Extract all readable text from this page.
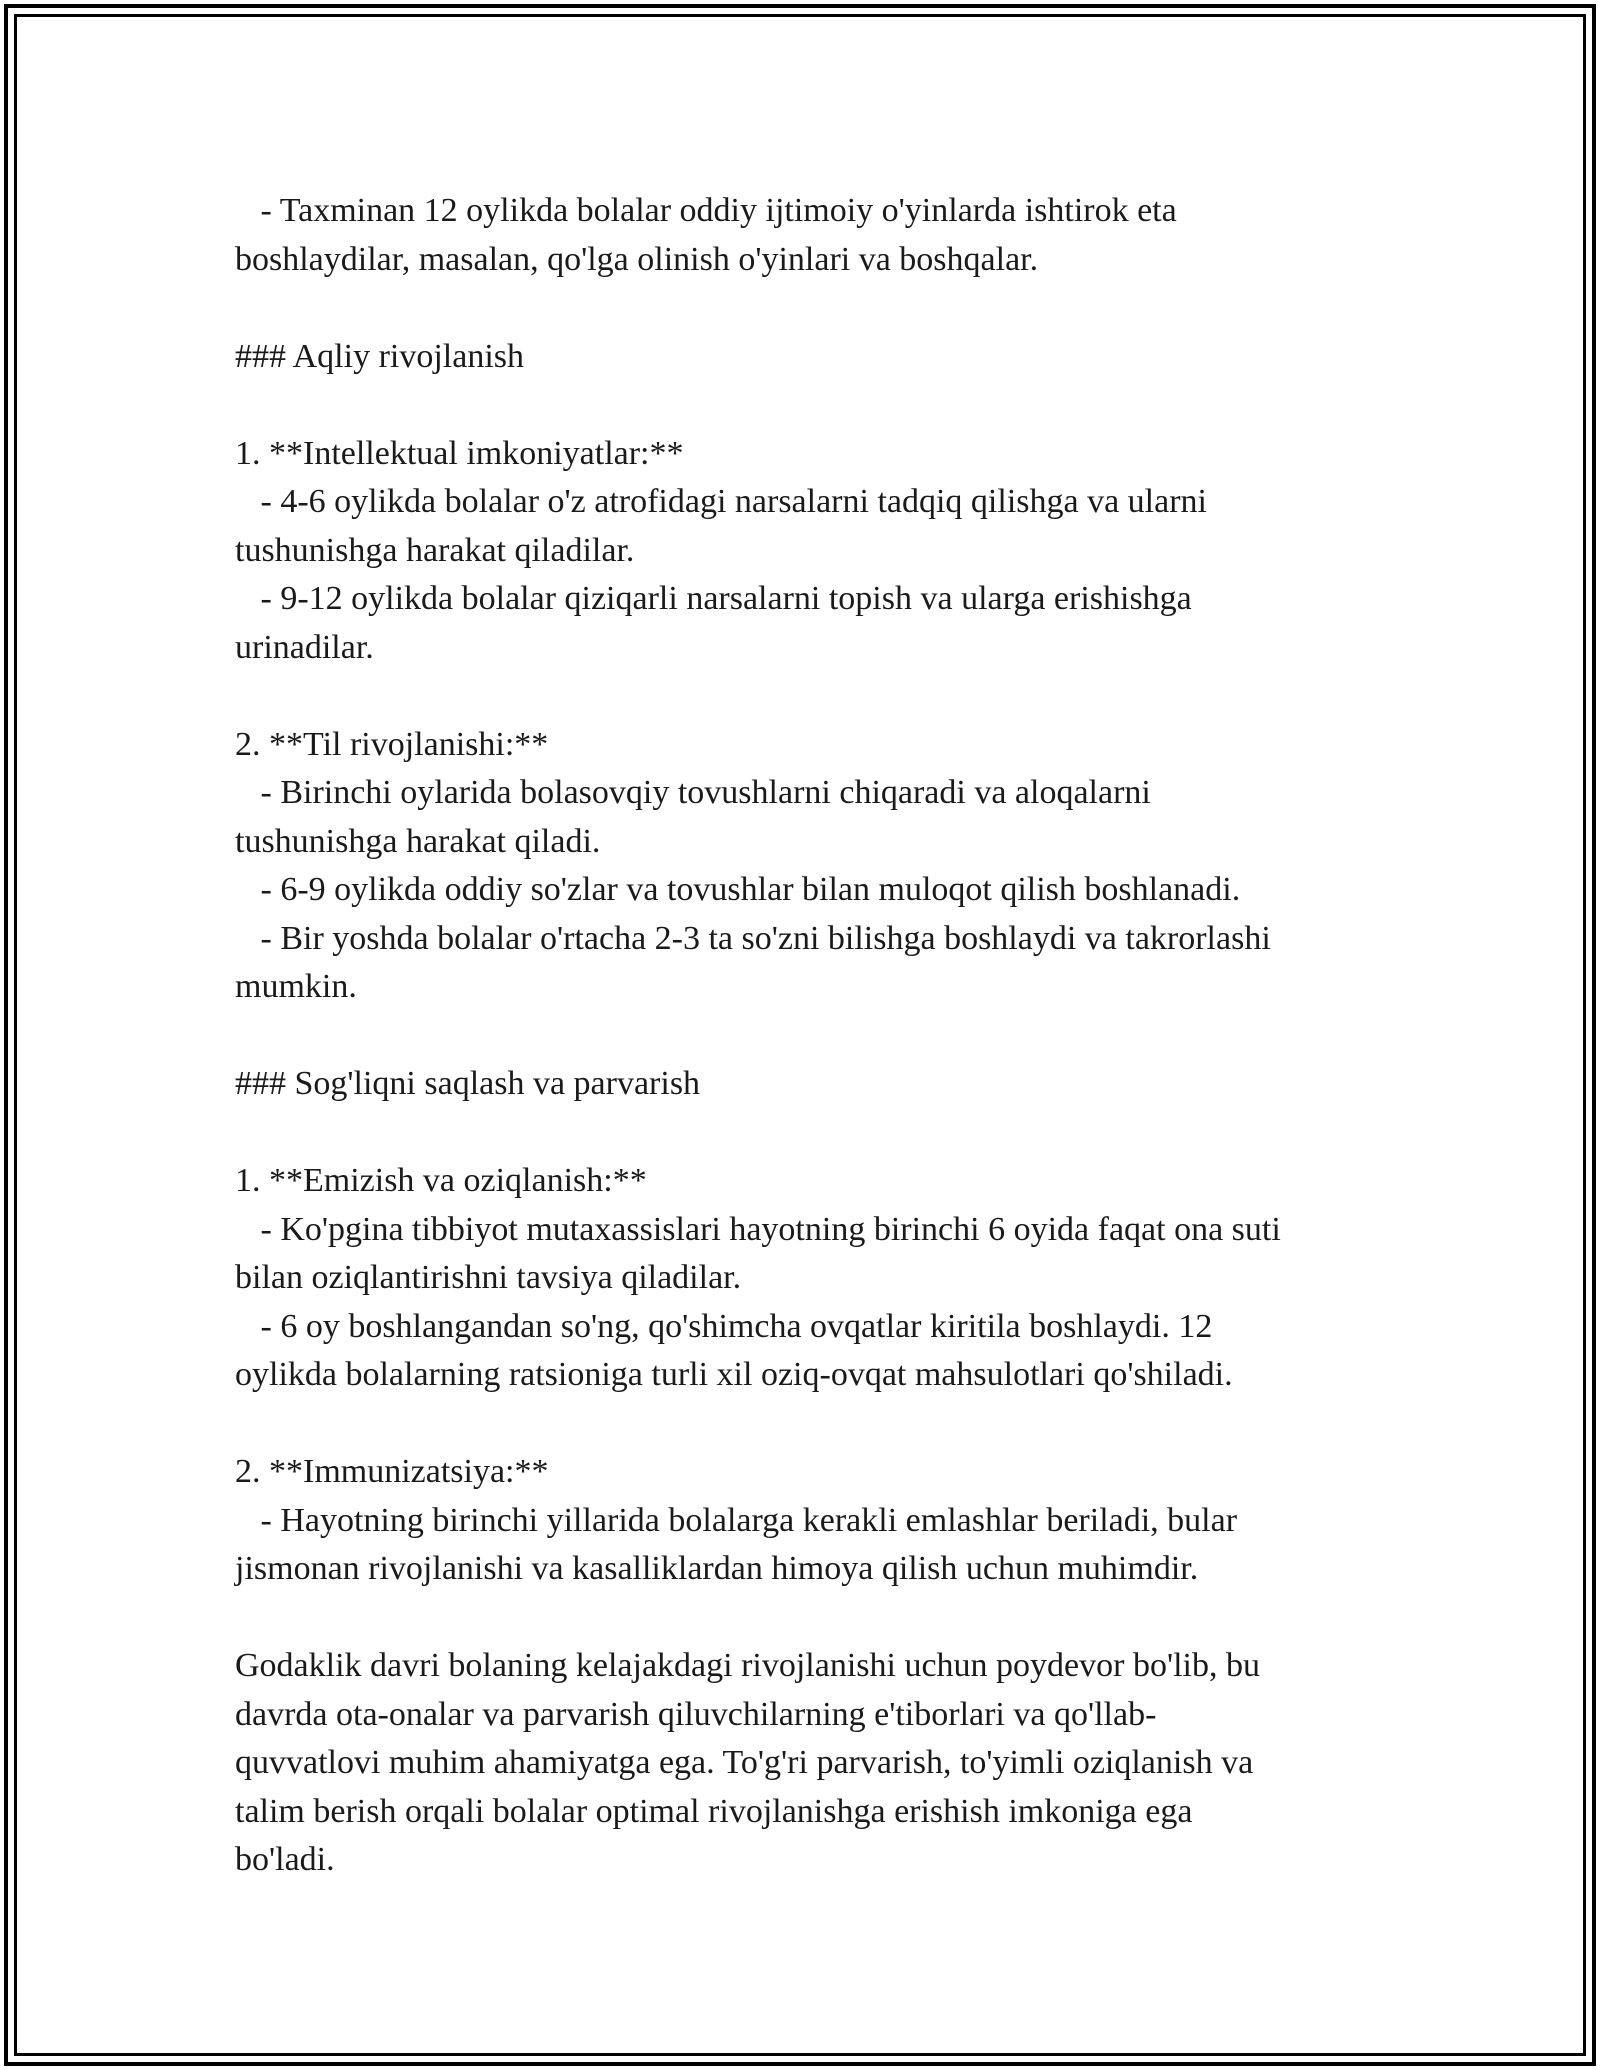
- Taxminan 12 oylikda bolalar oddiy ijtimoiy o'yinlarda ishtirok eta
boshlaydilar, masalan, qo'lga olinish o'yinlari va boshqalar.
### Aqliy rivojlanish
1. **Intellektual imkoniyatlar:**
- 4-6 oylikda bolalar o'z atrofidagi narsalarni tadqiq qilishga va ularni
tushunishga harakat qiladilar.
- 9-12 oylikda bolalar qiziqarli narsalarni topish va ularga erishishga
urinadilar.
2. **Til rivojlanishi:**
- Birinchi oylarida bolasovqiy tovushlarni chiqaradi va aloqalarni
tushunishga harakat qiladi.
- 6-9 oylikda oddiy so'zlar va tovushlar bilan muloqot qilish boshlanadi.
- Bir yoshda bolalar o'rtacha 2-3 ta so'zni bilishga boshlaydi va takrorlashi
mumkin.
### Sog'liqni saqlash va parvarish
1. **Emizish va oziqlanish:**
- Ko'pgina tibbiyot mutaxassislari hayotning birinchi 6 oyida faqat ona suti
bilan oziqlantirishni tavsiya qiladilar.
- 6 oy boshlangandan so'ng, qo'shimcha ovqatlar kiritila boshlaydi. 12
oylikda bolalarning ratsioniga turli xil oziq-ovqat mahsulotlari qo'shiladi.
2. **Immunizatsiya:**
- Hayotning birinchi yillarida bolalarga kerakli emlashlar beriladi, bular
jismonan rivojlanishi va kasalliklardan himoya qilish uchun muhimdir.
Godaklik davri bolaning kelajakdagi rivojlanishi uchun poydevor bo'lib, bu
davrda ota-onalar va parvarish qiluvchilarning e'tiborlari va qo'llab-
quvvatlovi muhim ahamiyatga ega. To'g'ri parvarish, to'yimli oziqlanish va
talim berish orqali bolalar optimal rivojlanishga erishish imkoniga ega
bo'ladi.
